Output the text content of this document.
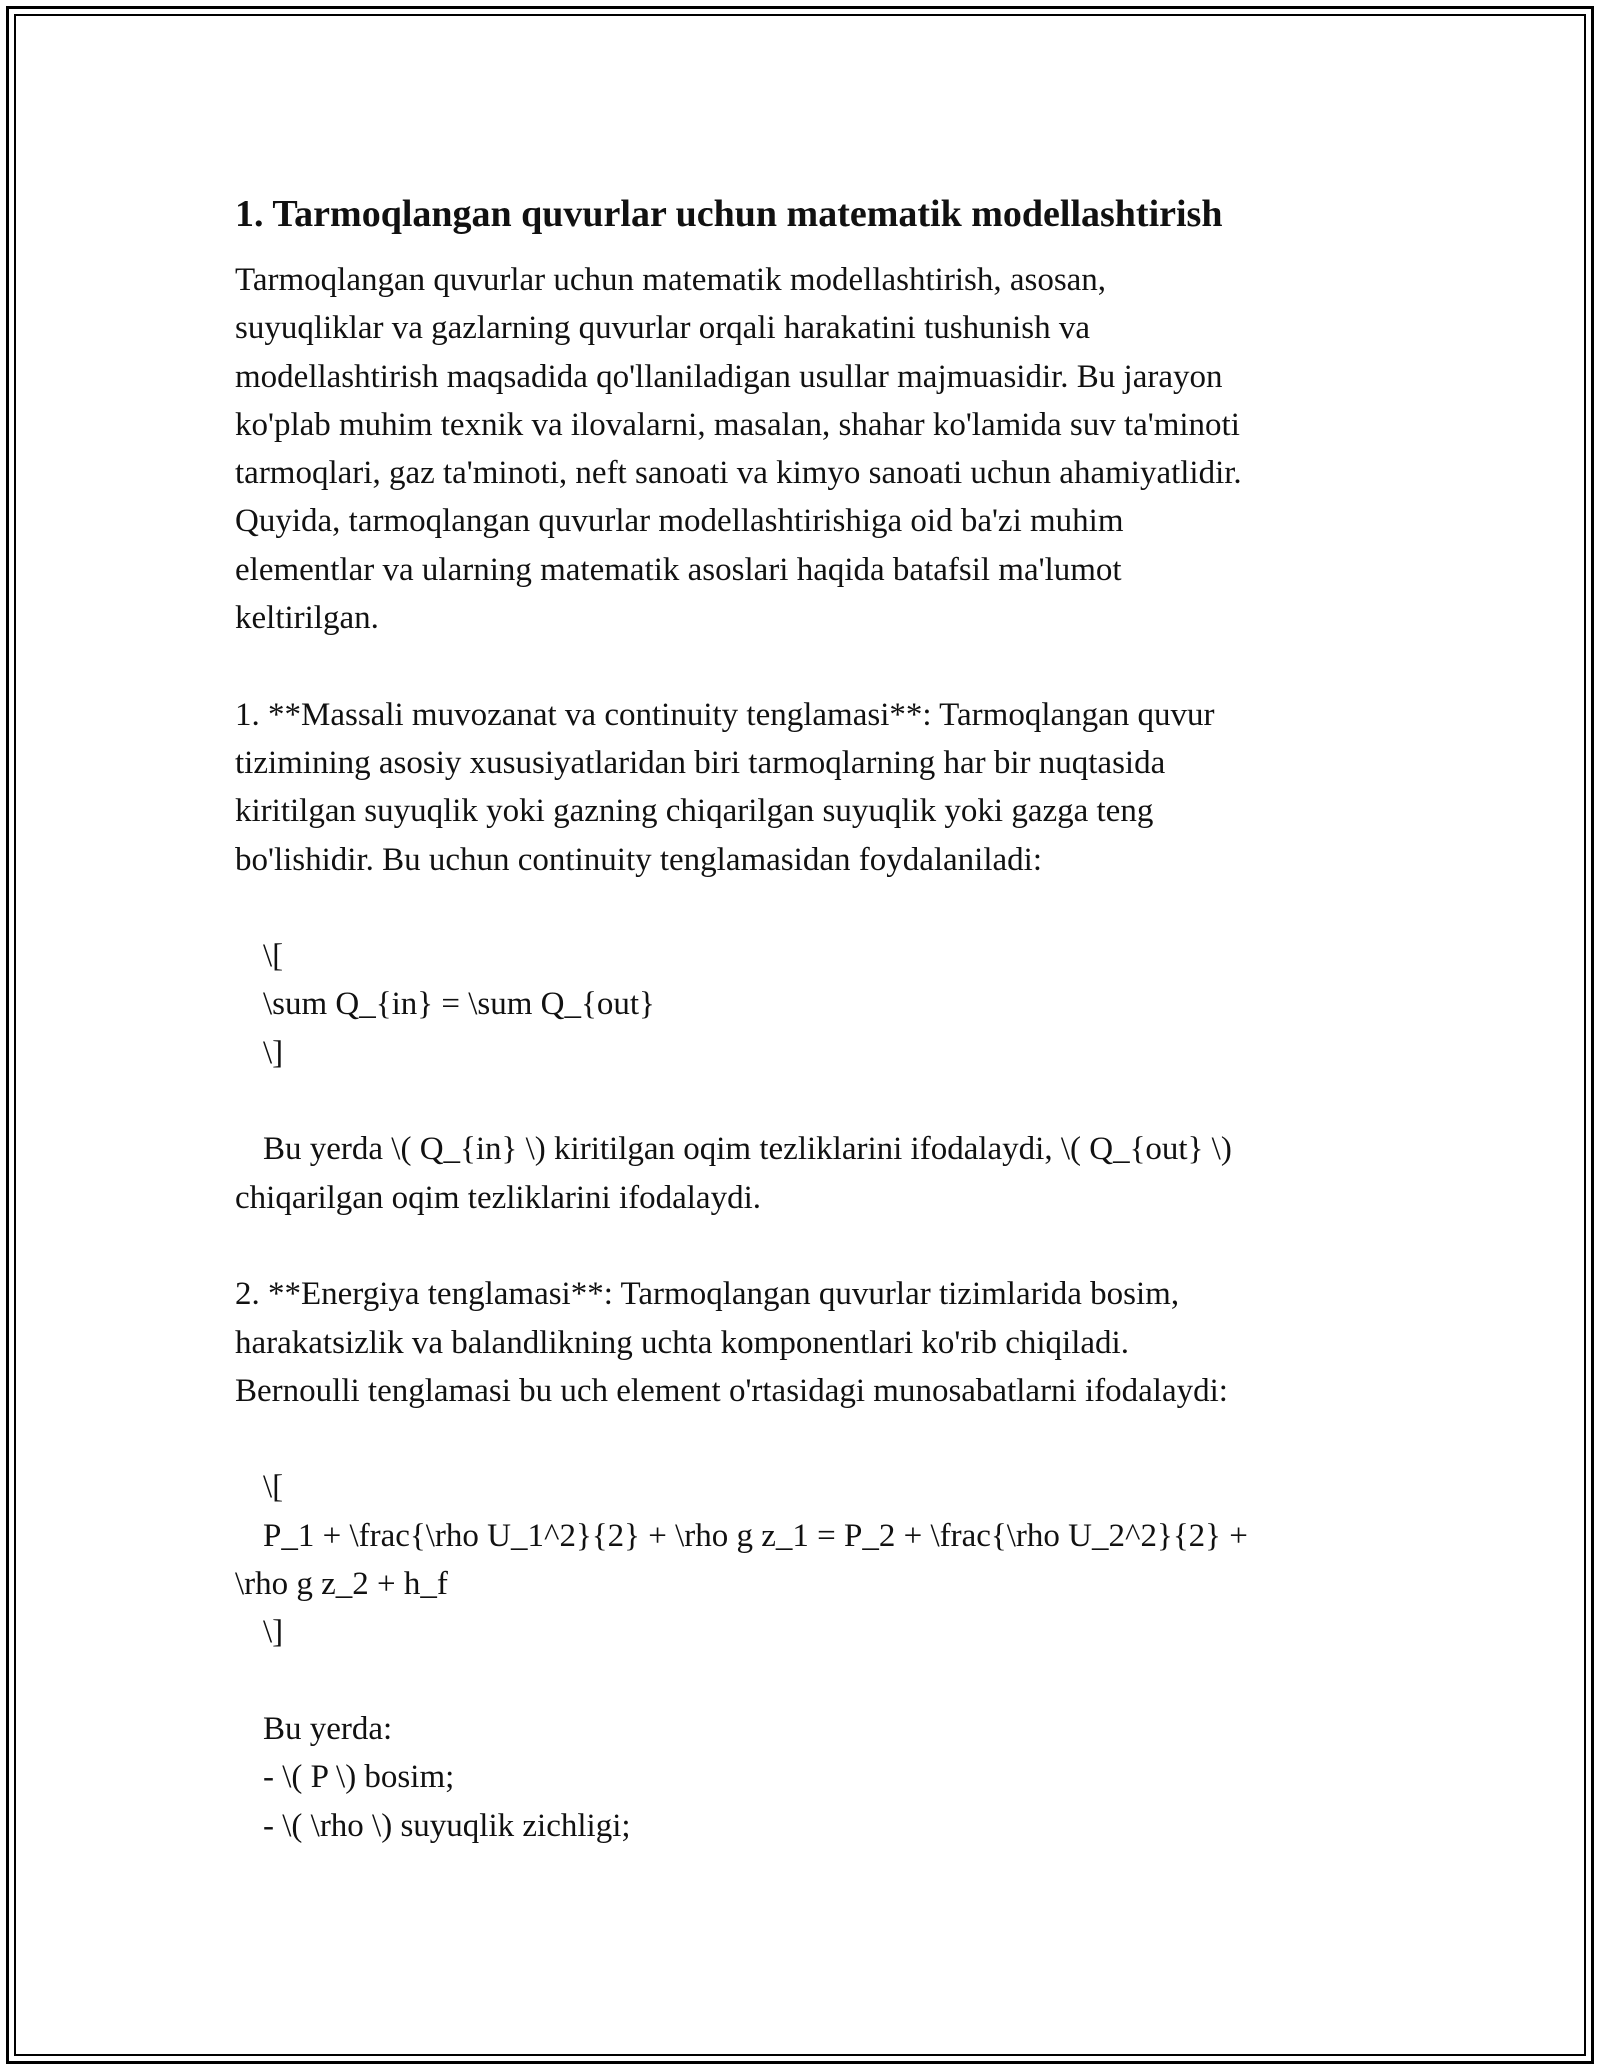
1. Tarmoqlangan quvurlar uchun matematik modellashtirish

Tarmoqlangan quvurlar uchun matematik modellashtirish, asosan,

suyuqliklar va gazlarning quvurlar orqali harakatini tushunish va

modellashtirish maqsadida qo'llaniladigan usullar majmuasidir. Bu jarayon

ko'plab muhim texnik va ilovalarni, masalan, shahar ko'lamida suv ta'minoti

tarmoqlari, gaz ta'minoti, neft sanoati va kimyo sanoati uchun ahamiyatlidir.

Quyida, tarmoqlangan quvurlar modellashtirishiga oid ba'zi muhim

elementlar va ularning matematik asoslari haqida batafsil ma'lumot

keltirilgan.

1. **Massali muvozanat va continuity tenglamasi**: Tarmoqlangan quvur

tizimining asosiy xususiyatlaridan biri tarmoqlarning har bir nuqtasida

kiritilgan suyuqlik yoki gazning chiqarilgan suyuqlik yoki gazga teng

bo'lishidir. Bu uchun continuity tenglamasidan foydalaniladi:

\[

\sum Q_{in} = \sum Q_{out}

\]

Bu yerda \( Q_{in} \) kiritilgan oqim tezliklarini ifodalaydi, \( Q_{out} \)

chiqarilgan oqim tezliklarini ifodalaydi.

2. **Energiya tenglamasi**: Tarmoqlangan quvurlar tizimlarida bosim,

harakatsizlik va balandlikning uchta komponentlari ko'rib chiqiladi.

Bernoulli tenglamasi bu uch element o'rtasidagi munosabatlarni ifodalaydi:

\[

P_1 + \frac{\rho U_1^2}{2} + \rho g z_1 = P_2 + \frac{\rho U_2^2}{2} +

\rho g z_2 + h_f

\]

Bu yerda:

- \( P \) bosim;

- \( \rho \) suyuqlik zichligi;
